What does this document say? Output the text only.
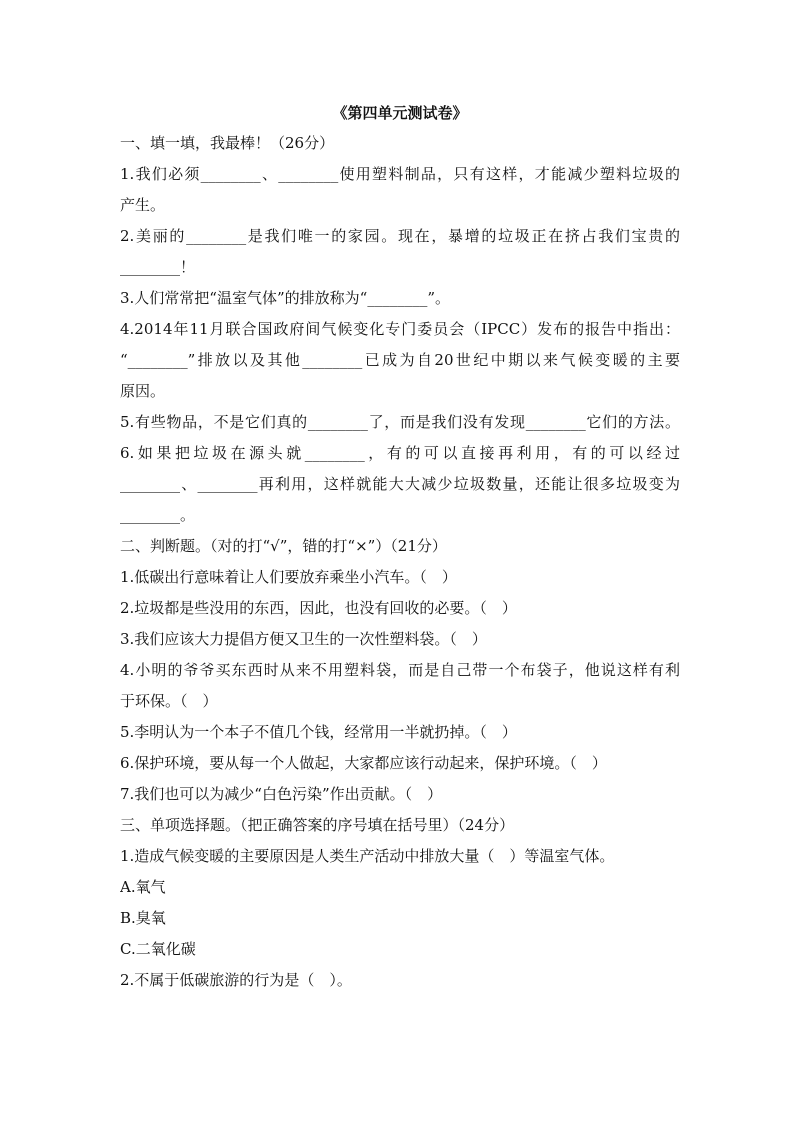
《第四单元测试卷》
一、填一填，我最棒！（26分）
1.我们必须________、________使用塑料制品，只有这样，才能减少塑料垃圾的
产生。
2.美丽的________是我们唯一的家园。现在，暴增的垃圾正在挤占我们宝贵的
________！
3.人们常常把“温室气体”的排放称为“________”。
4.2014年11月联合国政府间气候变化专门委员会（IPCC）发布的报告中指出：
“________”排放以及其他________已成为自20世纪中期以来气候变暖的主要
原因。
5.有些物品，不是它们真的________了，而是我们没有发现________它们的方法。
6.如果把垃圾在源头就________，有的可以直接再利用，有的可以经过
________、________再利用，这样就能大大减少垃圾数量，还能让很多垃圾变为
________。
二、判断题。（对的打“√”，错的打“×”）（21分）
1.低碳出行意味着让人们要放弃乘坐小汽车。（　）
2.垃圾都是些没用的东西，因此，也没有回收的必要。（　）
3.我们应该大力提倡方便又卫生的一次性塑料袋。（　）
4.小明的爷爷买东西时从来不用塑料袋，而是自己带一个布袋子，他说这样有利
于环保。（　）
5.李明认为一个本子不值几个钱，经常用一半就扔掉。（　）
6.保护环境，要从每一个人做起，大家都应该行动起来，保护环境。（　）
7.我们也可以为减少“白色污染”作出贡献。（　）
三、单项选择题。（把正确答案的序号填在括号里）（24分）
1.造成气候变暖的主要原因是人类生产活动中排放大量（　）等温室气体。
A.氧气
B.臭氧
C.二氧化碳
2.不属于低碳旅游的行为是（　）。
